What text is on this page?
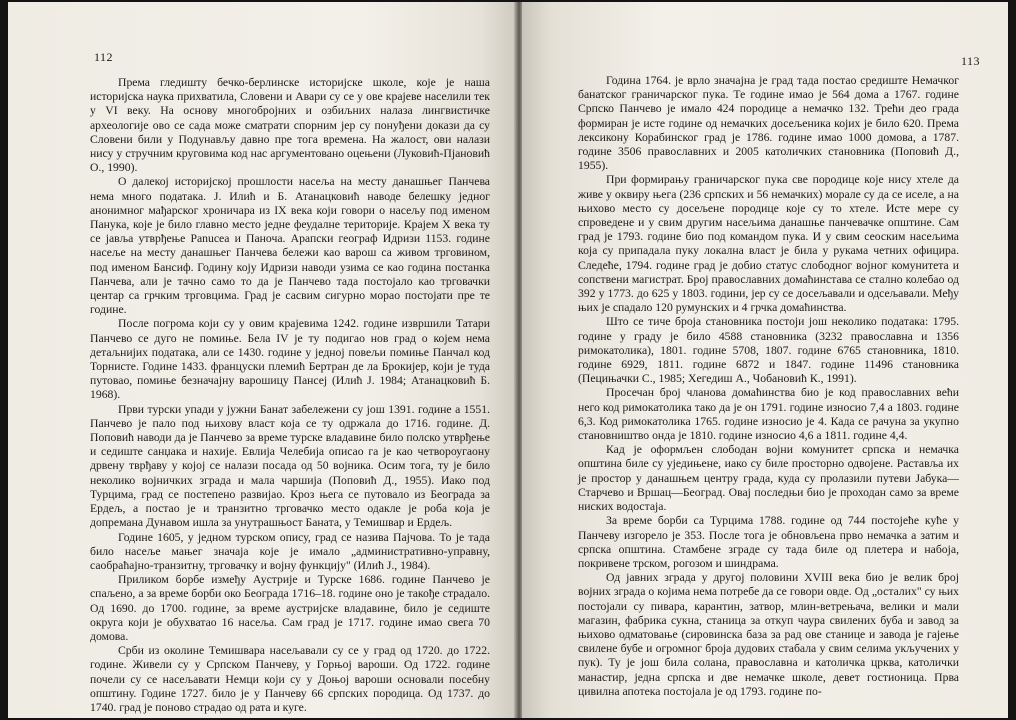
112

Према гледишту бечко-берлинске историјске школе, које је наша историјска наука прихватила, Словени и Авари су се у ове крајеве населили тек у VI веку. На основу многобројних и озбиљних налаза лингвистичке археологије ово се сада може сматрати спорним јер су понуђени докази да су Словени били у Подунављу давно пре тога времена. На жалост, ови налази нису у стручним круговима код нас аргументовано оцењени (Луковић-Пјановић О., 1990).

О далекој историјској прошлости насеља на месту данашњег Панчева нема много података. Ј. Илић и Б. Атанацковић наводе белешку једног анонимног мађарског хроничара из IX века који говори о насељу под именом Панука, које је било главно место једне феудалне територије. Крајем X века ту се јавља утврђење Panucea и Паноча. Арапски географ Идризи 1153. године насеље на месту данашњег Панчева бележи као варош са живом трговином, под именом Бансиф. Годину коју Идризи наводи узима се као година постанка Панчева, али је тачно само то да је Панчево тада постојало као трговачки центар са грчким трговцима. Град је сасвим сигурно морао постојати пре те године.

После погрома који су у овим крајевима 1242. године извршили Татари Панчево се дуго не помиње. Бела IV је ту подигао нов град о којем нема детаљнијих података, али се 1430. године у једној повељи помиње Панчал код Торнисте. Године 1433. француски племић Бертран де ла Брокијер, који је туда путовао, помиње безначајну варошицу Пансеј (Илић Ј. 1984; Атанацковић Б. 1968).

Први турски упади у јужни Банат забележени су још 1391. године а 1551. Панчево је пало под њихову власт која се ту одржала до 1716. године. Д. Поповић наводи да је Панчево за време турске владавине било полско утврђење и седиште санџака и нахије. Евлија Челебија описао га је као четвороугаону дрвену тврђаву у којој се налази посада од 50 војника. Осим тога, ту је било неколико војничких зграда и мала чаршија (Поповић Д., 1955). Иако под Турцима, град се постепено развијао. Кроз њега се путовало из Београда за Ердељ, а постао је и транзитно трговачко место одакле је роба која је допремана Дунавом ишла за унутрашњост Баната, у Темишвар и Ердељ.

Године 1605, у једном турском опису, град се назива Пајчова. То је тада било насеље мањег значаја које је имало „административно-управну, саобраћајно-транзитну, трговачку и војну функцију" (Илић Ј., 1984).

Приликом борбе између Аустрије и Турске 1686. године Панчево је спаљено, а за време борби око Београда 1716–18. године оно је такође страдало. Од 1690. до 1700. године, за време аустријске владавине, било је седиште округа који је обухватао 16 насеља. Сам град је 1717. године имао свега 70 домова.

Срби из околине Темишвара насељавали су се у град од 1720. до 1722. године. Живели су у Српском Панчеву, у Горњој вароши. Од 1722. године почели су се насељавати Немци који су у Доњој вароши основали посебну општину. Године 1727. било је у Панчеву 66 српских породица. Од 1737. до 1740. град је поново страдао од рата и куге.

113

Година 1764. је врло значајна је град тада постао средиште Немачког банатског граничарског пука. Те године имао је 564 дома а 1767. године Српско Панчево је имало 424 породице а немачко 132. Трећи део града формиран је исте године од немачких досељеника којих је било 620. Према лексикону Корабинског град је 1786. године имао 1000 домова, а 1787. године 3506 православних и 2005 католичких становника (Поповић Д., 1955).

При формирању граничарског пука све породице које нису хтеле да живе у оквиру њега (236 српских и 56 немачких) морале су да се иселе, а на њихово место су досељене породице које су то хтеле. Исте мере су спроведене и у свим другим насељима данашње панчевачке општине. Сам град је 1793. године био под командом пука. И у свим сеоским насељима која су припадала пуку локална власт је била у рукама четних официра. Следеће, 1794. године град је добио статус слободног војног комунитета и сопствени магистрат. Број православних домаћинстава се стално колебао од 392 у 1773. до 625 у 1803. години, јер су се досељавали и одсељавали. Међу њих је спадало 120 румунских и 4 грчка домаћинства.

Што се тиче броја становника постоји још неколико података: 1795. године у граду је било 4588 становника (3232 православна и 1356 римокатолика), 1801. године 5708, 1807. године 6765 становника, 1810. године 6929, 1811. године 6872 и 1847. године 11496 становника (Пецињачки С., 1985; Хегедиш А., Чобановић К., 1991).

Просечан број чланова домаћинства био је код православних већи него код римокатолика тако да је он 1791. године износио 7,4 а 1803. године 6,3. Код римокатолика 1765. године износио је 4. Када се рачуна за укупно становништво онда је 1810. године износио 4,6 а 1811. године 4,4.

Кад је оформљен слободан војни комунитет српска и немачка општина биле су уједињене, иако су биле просторно одвојене. Раставља их је простор у данашњем центру града, куда су пролазили путеви Јабука—Старчево и Вршац—Београд. Овај последњи био је проходан само за време ниских водостаја.

За време борби са Турцима 1788. године од 744 постојеће куће у Панчеву изгорело је 353. После тога је обновљена прво немачка а затим и српска општина. Стамбене зграде су тада биле од плетера и набоја, покривене трском, рогозом и шиндрама.

Од јавних зграда у другој половини XVIII века био је велик број војних зграда о којима нема потребе да се говори овде. Од „осталих" су њих постојали су пивара, карантин, затвор, млин-ветрењача, велики и мали магазин, фабрика сукна, станица за откуп чаура свилених буба и завод за њихово одматовање (сировинска база за рад ове станице и завода је гајење свилене бубе и огромног броја дудових стабала у свим селима укључених у пук). Ту је још била солана, православна и католичка црква, католички манастир, једна српска и две немачке школе, девет гостионица. Прва цивилна апотека постојала је од 1793. године по-
